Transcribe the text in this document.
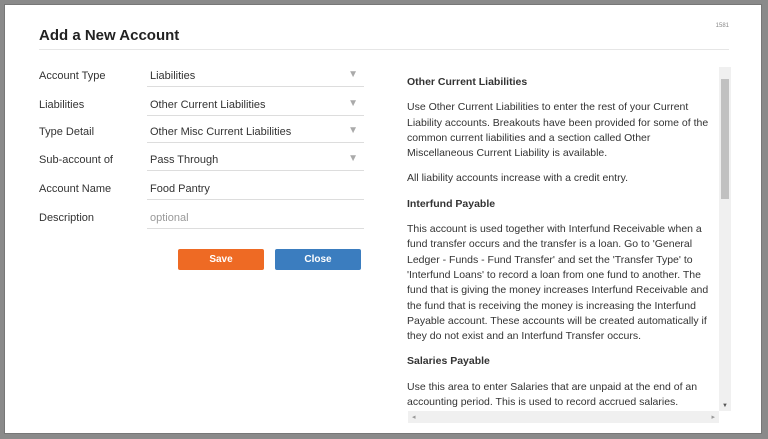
Add a New Account
1581
Account Type	Liabilities	▼
Liabilities	Other Current Liabilities	▼
Type Detail	Other Misc Current Liabilities	▼
Sub-account of	Pass Through	▼
Account Name	Food Pantry
Description	optional
Save	Close
Other Current Liabilities

Use Other Current Liabilities to enter the rest of your Current Liability accounts. Breakouts have been provided for some of the common current liabilities and a section called Other Miscellaneous Current Liability is available.

All liability accounts increase with a credit entry.

Interfund Payable

This account is used together with Interfund Receivable when a fund transfer occurs and the transfer is a loan. Go to 'General Ledger - Funds - Fund Transfer' and set the 'Transfer Type' to 'Interfund Loans' to record a loan from one fund to another. The fund that is giving the money increases Interfund Receivable and the fund that is receiving the money is increasing the Interfund Payable account. These accounts will be created automatically if they do not exist and an Interfund Transfer occurs.

Salaries Payable

Use this area to enter Salaries that are unpaid at the end of an accounting period. This is used to record accrued salaries.	▼
◂	▸
